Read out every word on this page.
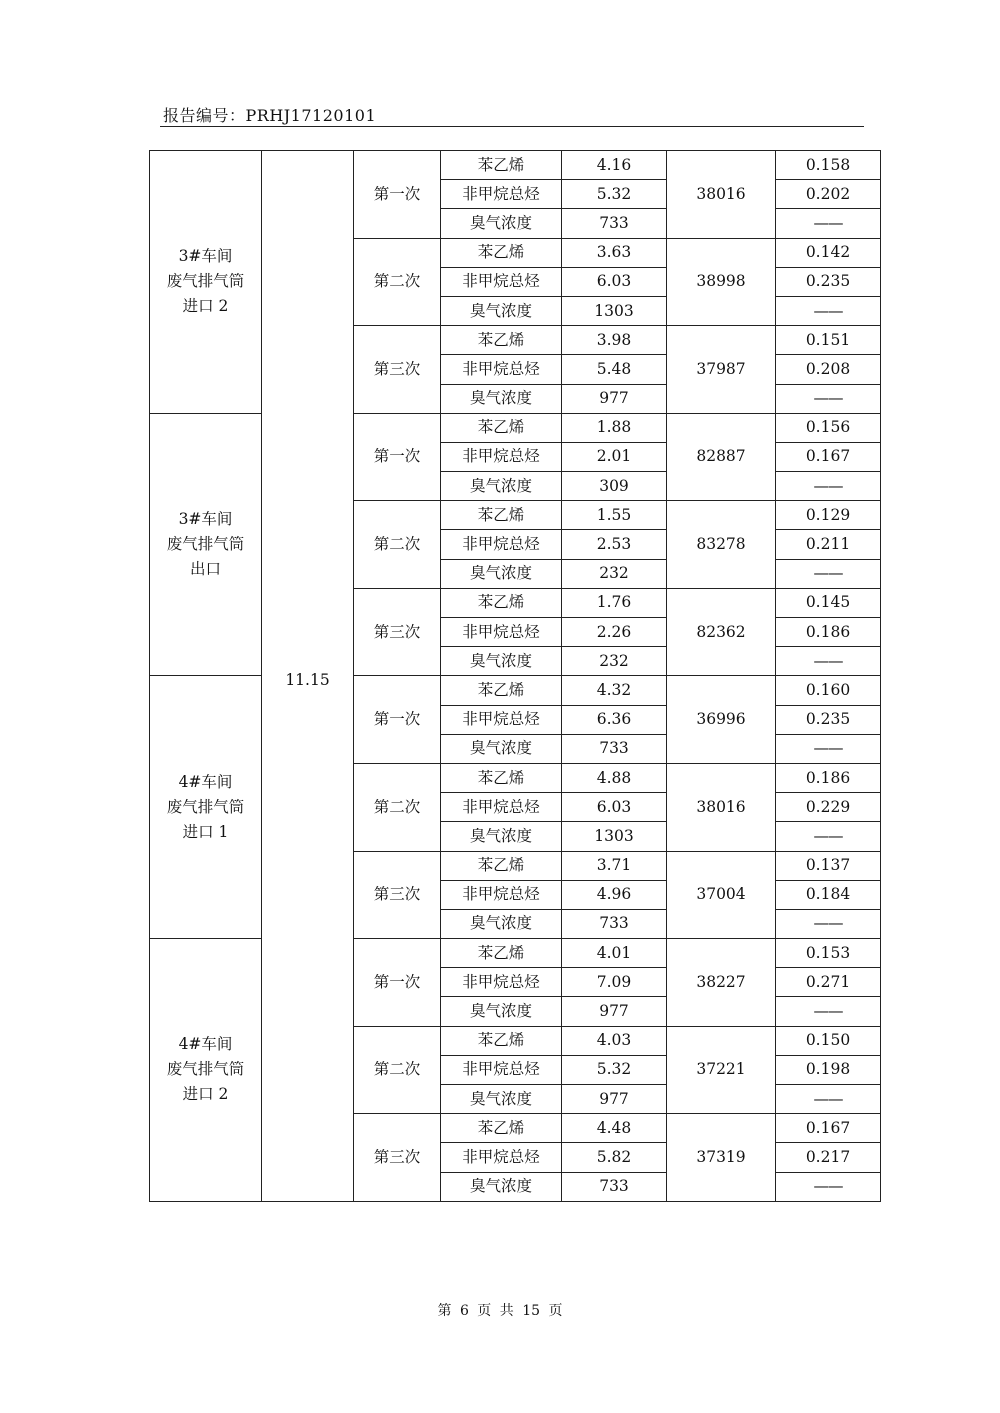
报告编号：PRHJ17120101
3#车间
废气排气筒
进口 2	11.15	第一次	苯乙烯	4.16	38016	0.158
			非甲烷总烃	5.32		0.202
			臭气浓度	733		——
		第二次	苯乙烯	3.63	38998	0.142
			非甲烷总烃	6.03		0.235
			臭气浓度	1303		——
		第三次	苯乙烯	3.98	37987	0.151
			非甲烷总烃	5.48		0.208
			臭气浓度	977		——

3#车间
废气排气筒
出口		第一次	苯乙烯	1.88	82887	0.156
			非甲烷总烃	2.01		0.167
			臭气浓度	309		——
		第二次	苯乙烯	1.55	83278	0.129
			非甲烷总烃	2.53		0.211
			臭气浓度	232		——
		第三次	苯乙烯	1.76	82362	0.145
			非甲烷总烃	2.26		0.186
			臭气浓度	232		——

4#车间
废气排气筒
进口 1		第一次	苯乙烯	4.32	36996	0.160
			非甲烷总烃	6.36		0.235
			臭气浓度	733		——
		第二次	苯乙烯	4.88	38016	0.186
			非甲烷总烃	6.03		0.229
			臭气浓度	1303		——
		第三次	苯乙烯	3.71	37004	0.137
			非甲烷总烃	4.96		0.184
			臭气浓度	733		——

4#车间
废气排气筒
进口 2		第一次	苯乙烯	4.01	38227	0.153
			非甲烷总烃	7.09		0.271
			臭气浓度	977		——
		第二次	苯乙烯	4.03	37221	0.150
			非甲烷总烃	5.32		0.198
			臭气浓度	977		——
		第三次	苯乙烯	4.48	37319	0.167
			非甲烷总烃	5.82		0.217
			臭气浓度	733		——
第 6 页 共 15 页
